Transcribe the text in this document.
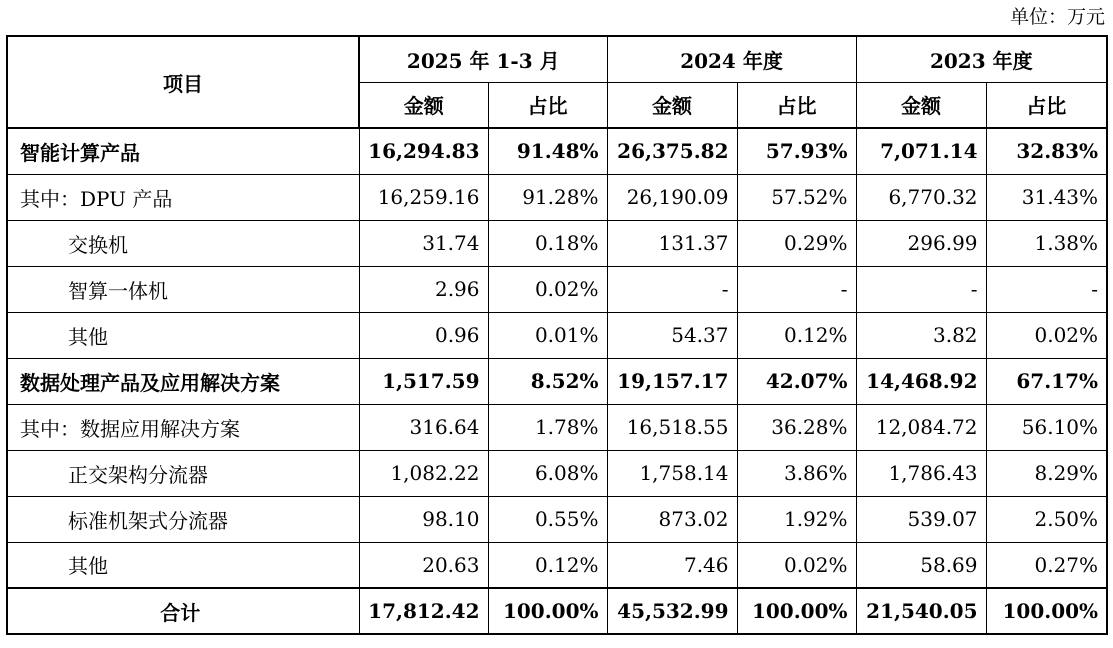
单位：万元
项目	2025 年 1-3 月		2024 年度		2023 年度	
	金额	占比	金额	占比	金额	占比
智能计算产品	16,294.83	91.48%	26,375.82	57.93%	7,071.14	32.83%
其中：DPU 产品	16,259.16	91.28%	26,190.09	57.52%	6,770.32	31.43%
交换机	31.74	0.18%	131.37	0.29%	296.99	1.38%
智算一体机	2.96	0.02%	-	-	-	-
其他	0.96	0.01%	54.37	0.12%	3.82	0.02%
数据处理产品及应用解决方案	1,517.59	8.52%	19,157.17	42.07%	14,468.92	67.17%
其中：数据应用解决方案	316.64	1.78%	16,518.55	36.28%	12,084.72	56.10%
正交架构分流器	1,082.22	6.08%	1,758.14	3.86%	1,786.43	8.29%
标准机架式分流器	98.10	0.55%	873.02	1.92%	539.07	2.50%
其他	20.63	0.12%	7.46	0.02%	58.69	0.27%
合计	17,812.42	100.00%	45,532.99	100.00%	21,540.05	100.00%
